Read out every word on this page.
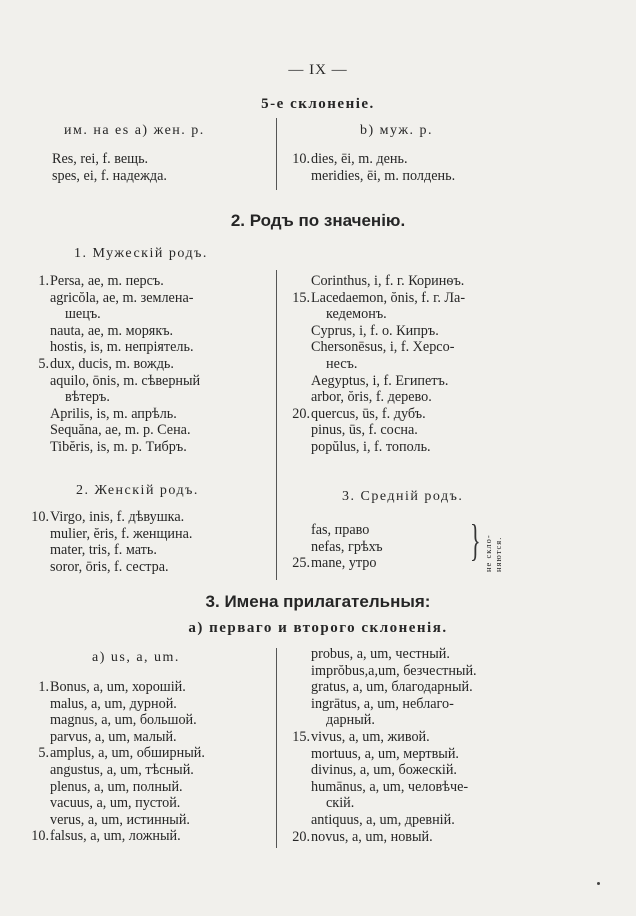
— IX —
5-е склоненіе.
им. на es a) жен. р.	b) муж. р.
Res, rei, f. вещь.
spes, ei, f. надежда.
10. dies, ēi, m. день.
meridies, ēi, m. полдень.
2. Родъ по значенію.
1. Мужескій родъ.
1. Persa, ae, m. персъ.
agricŏla, ae, m. землена-
шецъ.
nauta, ae, m. морякъ.
hostis, is, m. непріятель.
5. dux, ducis, m. вождь.
aquilo, ōnis, m. сѣверный
вѣтеръ.
Aprilis, is, m. апрѣль.
Sequăna, ae, m. р. Сена.
Tibĕris, is, m. р. Тибръ.
Corinthus, i, f. г. Коринѳъ.
15. Lacedaemon, ŏnis, f. г. Ла-
кедемонъ.
Cyprus, i, f. о. Кипръ.
Chersonēsus, i, f. Херсо-
несъ.
Aegyptus, i, f. Египетъ.
arbor, ŏris, f. дерево.
20. quercus, ūs, f. дубъ.
pinus, ūs, f. сосна.
popŭlus, i, f. тополь.
2. Женскій родъ.
10. Virgo, inis, f. дѣвушка.
mulier, ĕris, f. женщина.
mater, tris, f. мать.
soror, ōris, f. сестра.
3. Средній родъ.
fas, право
nefas, грѣхъ
25. mane, утро } не скло- няются.
3. Имена прилагательныя:
а) перваго и второго склоненія.
a) us, a, um.
1. Bonus, a, um, хорошій.
malus, a, um, дурной.
magnus, a, um, большой.
parvus, a, um, малый.
5. amplus, a, um, обширный.
angustus, a, um, тѣсный.
plenus, a, um, полный.
vacuus, a, um, пустой.
verus, a, um, истинный.
10. falsus, a, um, ложный.
probus, a, um, честный.
imprŏbus,a,um, безчестный.
gratus, a, um, благодарный.
ingrātus, a, um, неблаго-
дарный.
15. vivus, a, um, живой.
mortuus, a, um, мертвый.
divinus, a, um, божескій.
humānus, a, um, человѣче-
скій.
antiquus, a, um, древній.
20. novus, a, um, новый.
